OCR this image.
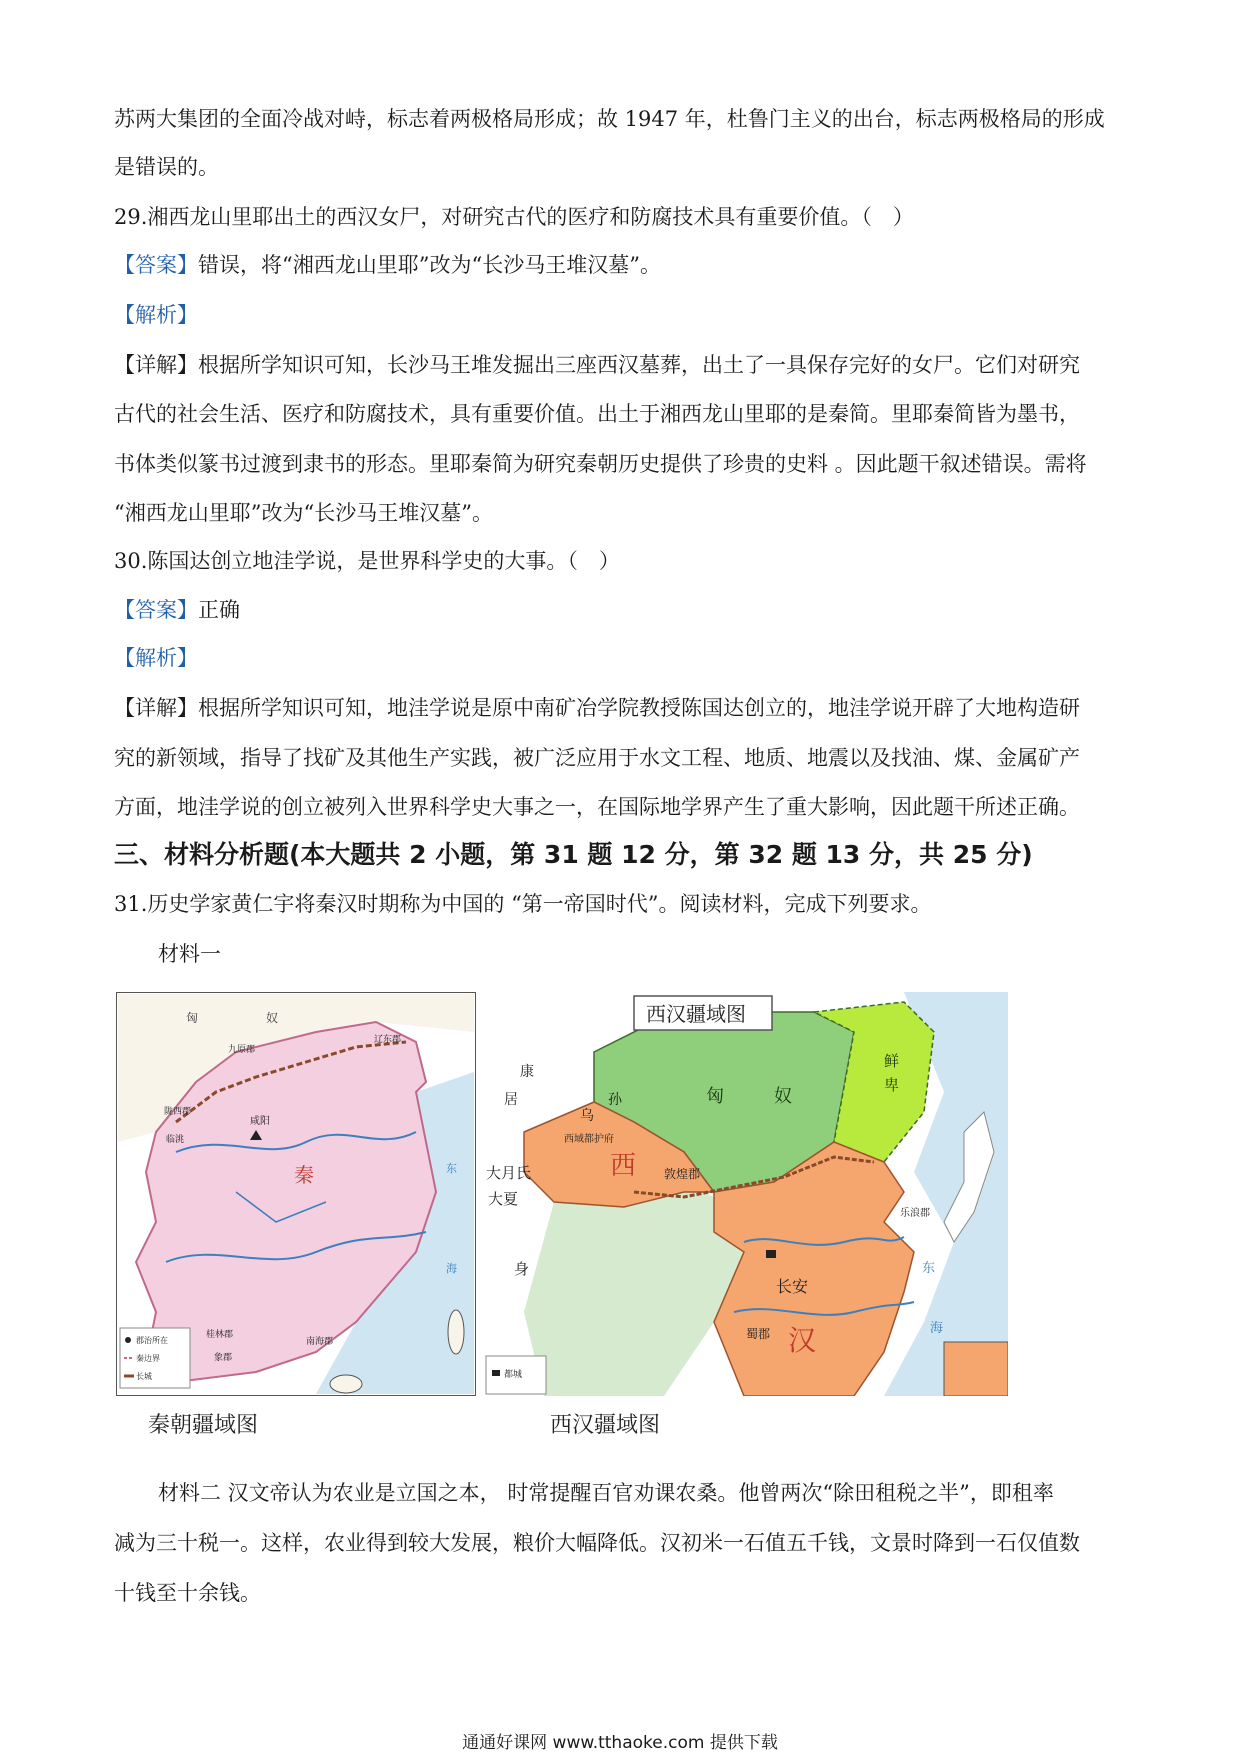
苏两大集团的全面冷战对峙，标志着两极格局形成；故 1947 年，杜鲁门主义的出台，标志两极格局的形成
是错误的。
29.湘西龙山里耶出土的西汉女尸，对研究古代的医疗和防腐技术具有重要价值。（　）
【答案】错误，将“湘西龙山里耶”改为“长沙马王堆汉墓”。
【解析】
【详解】根据所学知识可知，长沙马王堆发掘出三座西汉墓葬，出土了一具保存完好的女尸。它们对研究
古代的社会生活、医疗和防腐技术，具有重要价值。出土于湘西龙山里耶的是秦简。里耶秦简皆为墨书，
书体类似篆书过渡到隶书的形态。里耶秦简为研究秦朝历史提供了珍贵的史料 。因此题干叙述错误。需将
“湘西龙山里耶”改为“长沙马王堆汉墓”。
30.陈国达创立地洼学说，是世界科学史的大事。（　）
【答案】正确
【解析】
【详解】根据所学知识可知，地洼学说是原中南矿冶学院教授陈国达创立的，地洼学说开辟了大地构造研
究的新领域，指导了找矿及其他生产实践，被广泛应用于水文工程、地质、地震以及找油、煤、金属矿产
方面，地洼学说的创立被列入世界科学史大事之一，在国际地学界产生了重大影响，因此题干所述正确。
三、材料分析题(本大题共 2 小题，第 31 题 12 分，第 32 题 13 分，共 25 分)
31.历史学家黄仁宇将秦汉时期称为中国的 “第一帝国时代”。阅读材料，完成下列要求。
材料一
匈	奴
秦
咸阳
辽东郡
九原郡
陇西郡
临洮
桂林郡
南海郡
象郡
东
海
郡治所在
秦边界
长城
秦朝疆域图
西汉疆域图
匈	奴
鲜
卑
乌
孙
西域都护府
西 敦煌郡
长安
汉
蜀郡
乐浪郡
大月氏
大夏
身
康
居
东
海
都城
西汉疆域图
材料二 汉文帝认为农业是立国之本， 时常提醒百官劝课农桑。他曾两次“除田租税之半”，即租率
减为三十税一。这样，农业得到较大发展，粮价大幅降低。汉初米一石值五千钱，文景时降到一石仅值数
十钱至十余钱。
通通好课网 www.tthaoke.com 提供下载
